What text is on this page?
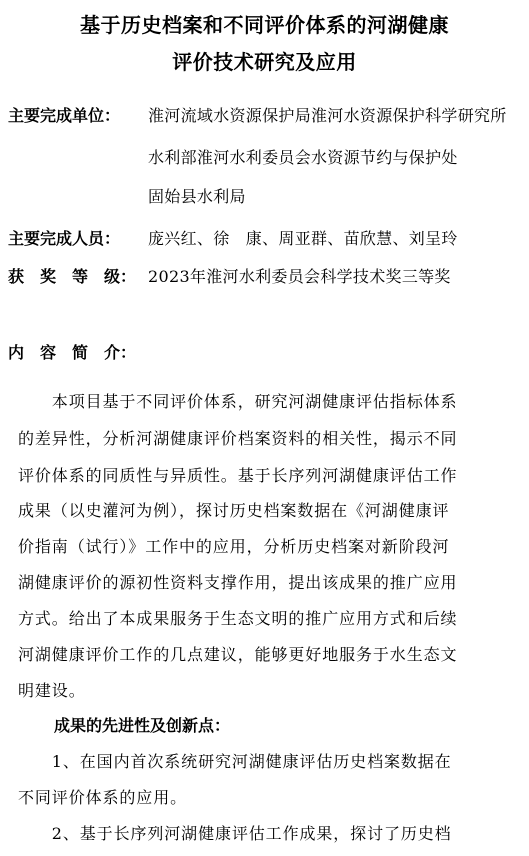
基于历史档案和不同评价体系的河湖健康
评价技术研究及应用
主要完成单位： 淮河流域水资源保护局淮河水资源保护科学研究所
水利部淮河水利委员会水资源节约与保护处
固始县水利局
主要完成人员： 庞兴红、徐　康、周亚群、苗欣慧、刘呈玲
获　奖　等　级： 2023年淮河水利委员会科学技术奖三等奖
内　容　简　介：
　　本项目基于不同评价体系，研究河湖健康评估指标体系
的差异性，分析河湖健康评价档案资料的相关性，揭示不同
评价体系的同质性与异质性。基于长序列河湖健康评估工作
成果（以史灌河为例），探讨历史档案数据在《河湖健康评
价指南（试行）》工作中的应用，分析历史档案对新阶段河
湖健康评价的源初性资料支撑作用，提出该成果的推广应用
方式。给出了本成果服务于生态文明的推广应用方式和后续
河湖健康评价工作的几点建议，能够更好地服务于水生态文
明建设。
成果的先进性及创新点：
　　1、在国内首次系统研究河湖健康评估历史档案数据在
不同评价体系的应用。
　　2、基于长序列河湖健康评估工作成果，探讨了历史档
